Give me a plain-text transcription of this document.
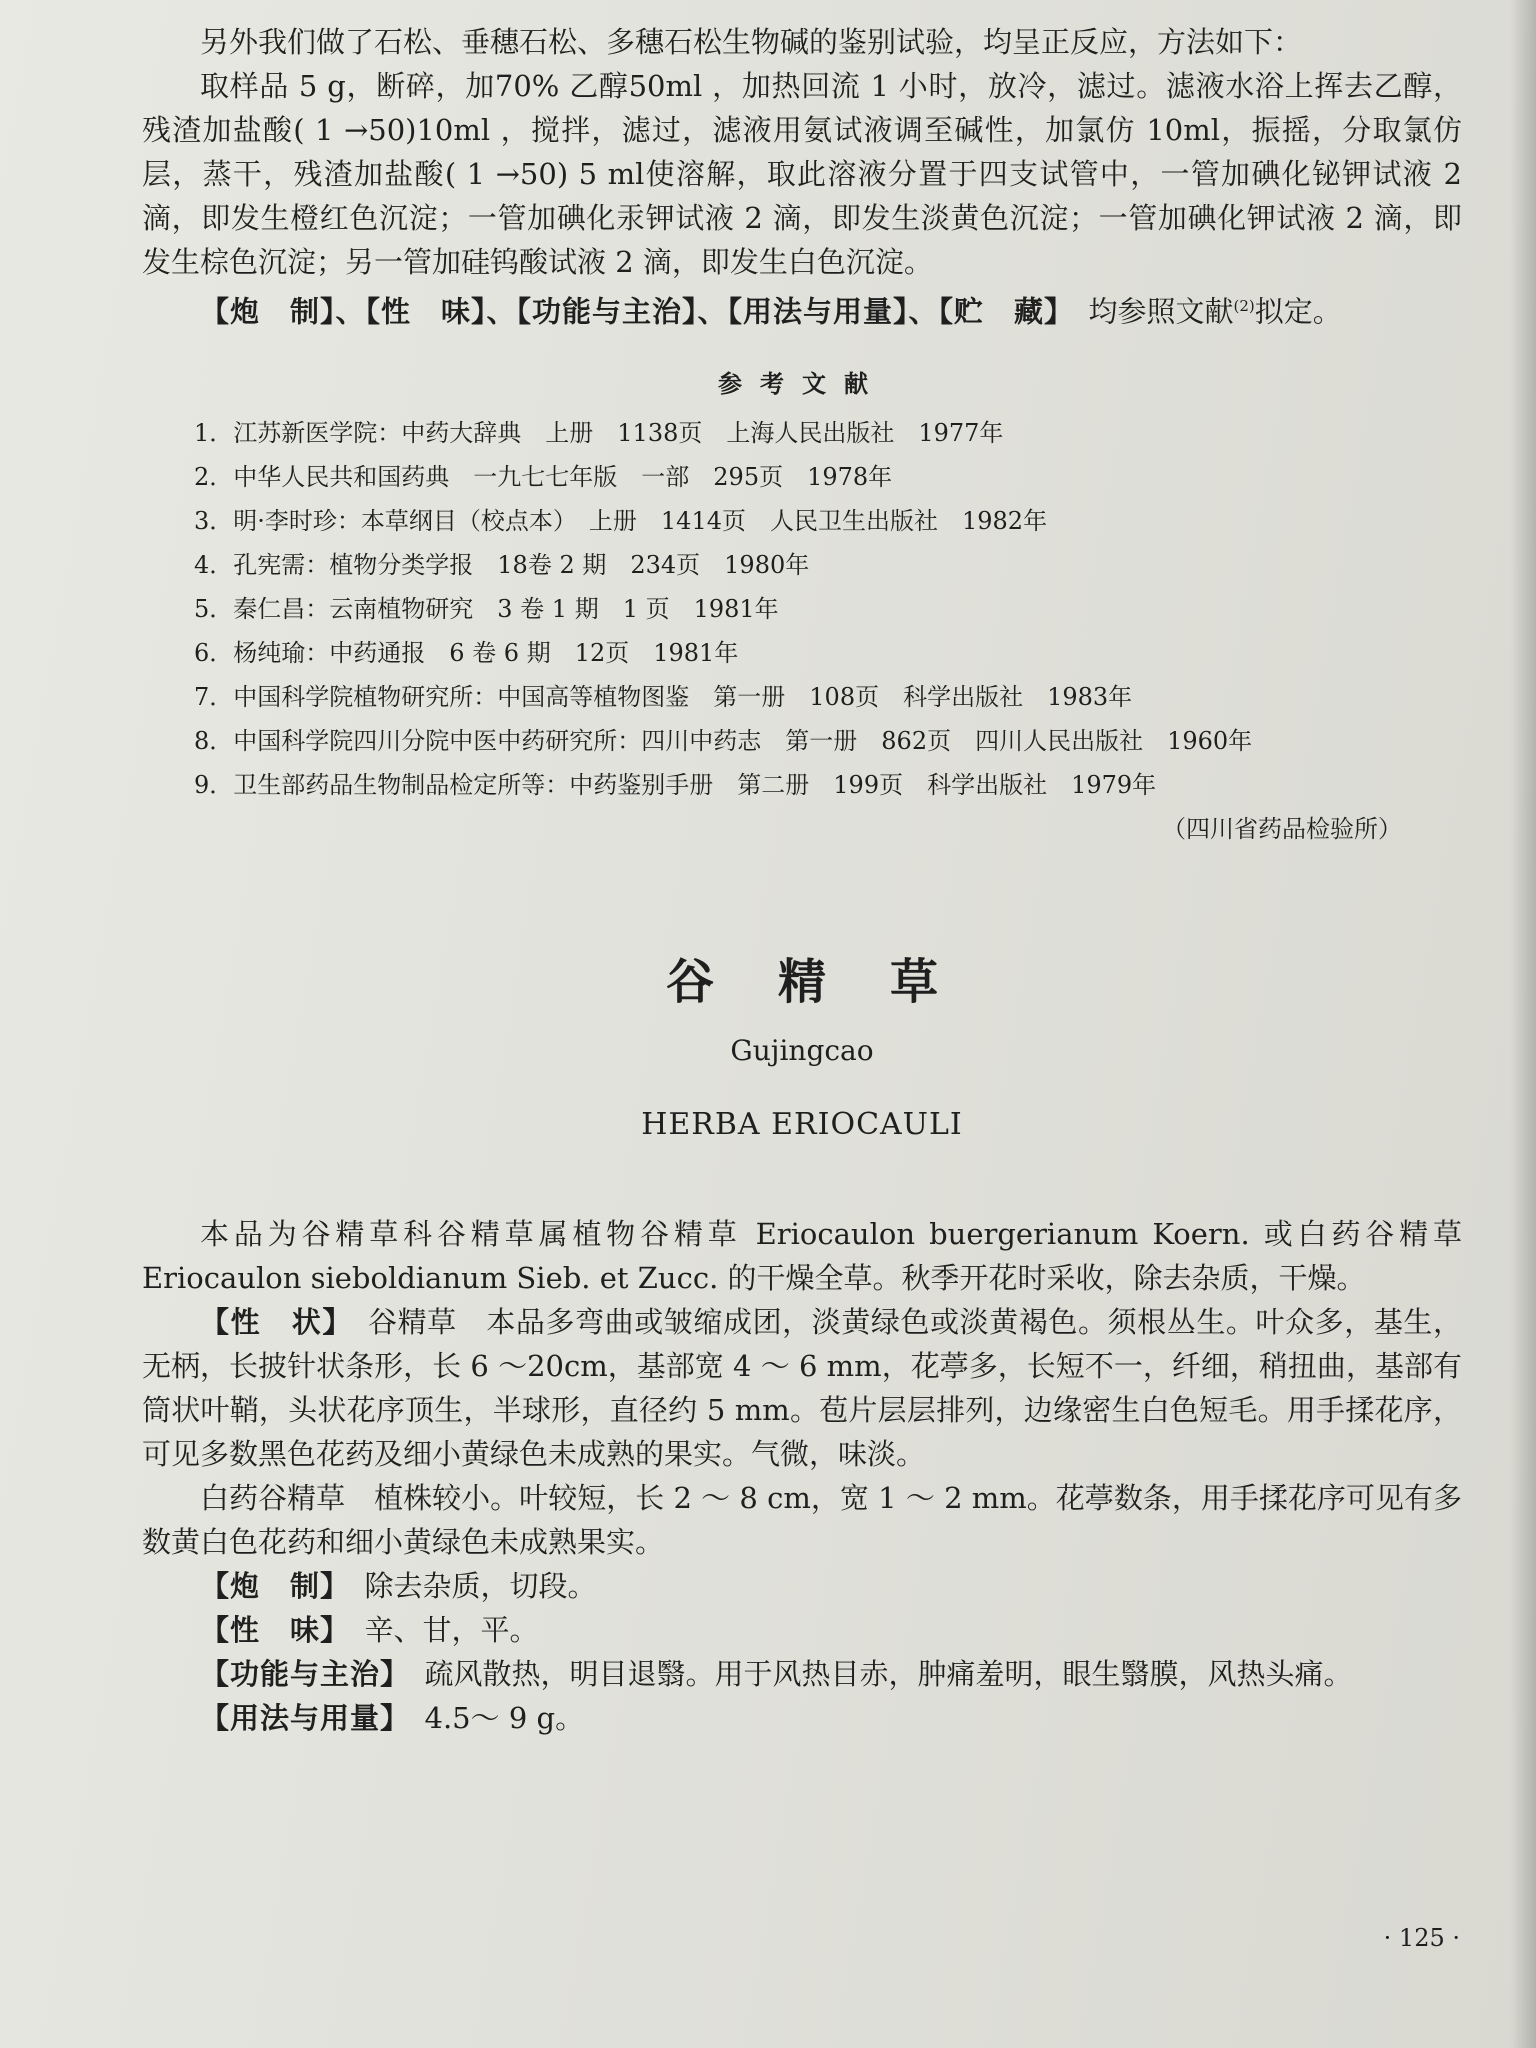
另外我们做了石松、垂穗石松、多穗石松生物碱的鉴别试验，均呈正反应，方法如下：

取样品 5 g，断碎，加70% 乙醇50ml ，加热回流 1 小时，放冷，滤过。滤液水浴上挥去乙醇，残渣加盐酸( 1 →50)10ml ，搅拌，滤过，滤液用氨试液调至碱性，加氯仿 10ml，振摇，分取氯仿层，蒸干，残渣加盐酸( 1 →50) 5 ml使溶解，取此溶液分置于四支试管中，一管加碘化铋钾试液 2 滴，即发生橙红色沉淀；一管加碘化汞钾试液 2 滴，即发生淡黄色沉淀；一管加碘化钾试液 2 滴，即发生棕色沉淀；另一管加硅钨酸试液 2 滴，即发生白色沉淀。

【炮　制】、【性　味】、【功能与主治】、【用法与用量】、【贮　藏】　均参照文献$^{(2)}$拟定。

参考文献
1．江苏新医学院：中药大辞典　上册　1138页　上海人民出版社　1977年
2．中华人民共和国药典　一九七七年版　一部　295页　1978年
3．明·李时珍：本草纲目（校点本）　上册　1414页　人民卫生出版社　1982年
4．孔宪需：植物分类学报　18卷 2 期　234页　1980年
5．秦仁昌：云南植物研究　3 卷 1 期　1 页　1981年
6．杨纯瑜：中药通报　6 卷 6 期　12页　1981年
7．中国科学院植物研究所：中国高等植物图鉴　第一册　108页　科学出版社　1983年
8．中国科学院四川分院中医中药研究所：四川中药志　第一册　862页　四川人民出版社　1960年
9．卫生部药品生物制品检定所等：中药鉴别手册　第二册　199页　科学出版社　1979年
（四川省药品检验所）
谷精草
Gujingcao
HERBA ERIOCAULI

本品为谷精草科谷精草属植物谷精草 Eriocaulon buergerianum Koern. 或白药谷精草 Eriocaulon sieboldianum Sieb. et Zucc. 的干燥全草。秋季开花时采收，除去杂质，干燥。

【性　状】　谷精草　本品多弯曲或皱缩成团，淡黄绿色或淡黄褐色。须根丛生。叶众多，基生，无柄，长披针状条形，长 6 ～20cm，基部宽 4 ～ 6 mm，花葶多，长短不一，纤细，稍扭曲，基部有筒状叶鞘，头状花序顶生，半球形，直径约 5 mm。苞片层层排列，边缘密生白色短毛。用手揉花序，可见多数黑色花药及细小黄绿色未成熟的果实。气微，味淡。

白药谷精草　植株较小。叶较短，长 2 ～ 8 cm，宽 1 ～ 2 mm。花葶数条，用手揉花序可见有多数黄白色花药和细小黄绿色未成熟果实。

【炮　制】　除去杂质，切段。

【性　味】　辛、甘，平。

【功能与主治】　疏风散热，明目退翳。用于风热目赤，肿痛羞明，眼生翳膜，风热头痛。

【用法与用量】　4.5～ 9 g。

· 125 ·
